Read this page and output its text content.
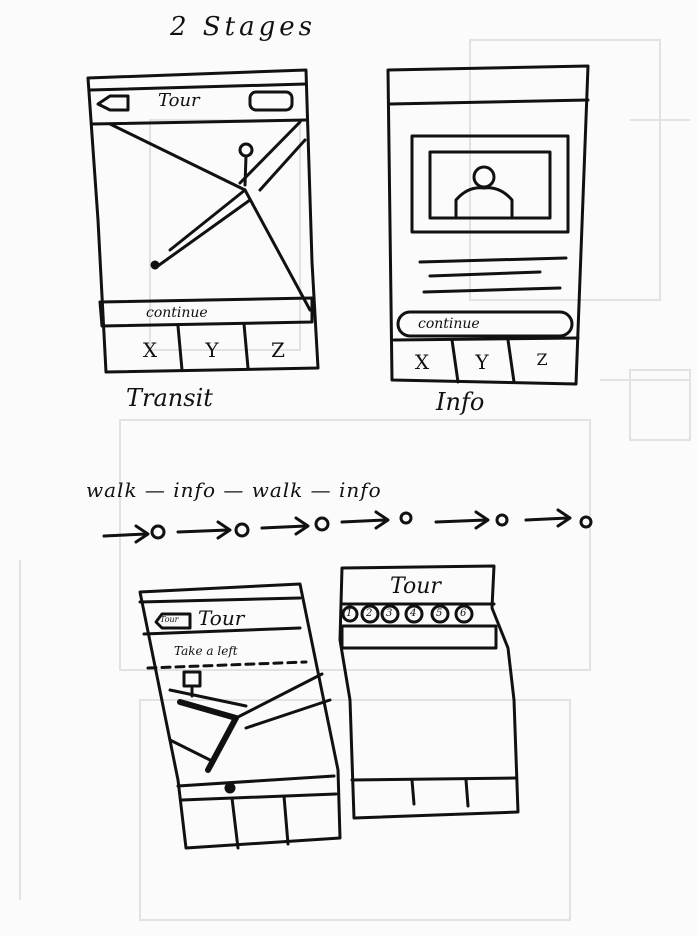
2 Stages
Tour
continue
X	Y	Z
Transit
continue
X	Y	Z
Info
walk — info — walk — info
Tour Tour
Take a left
Tour
2 3 4 5 6
1
